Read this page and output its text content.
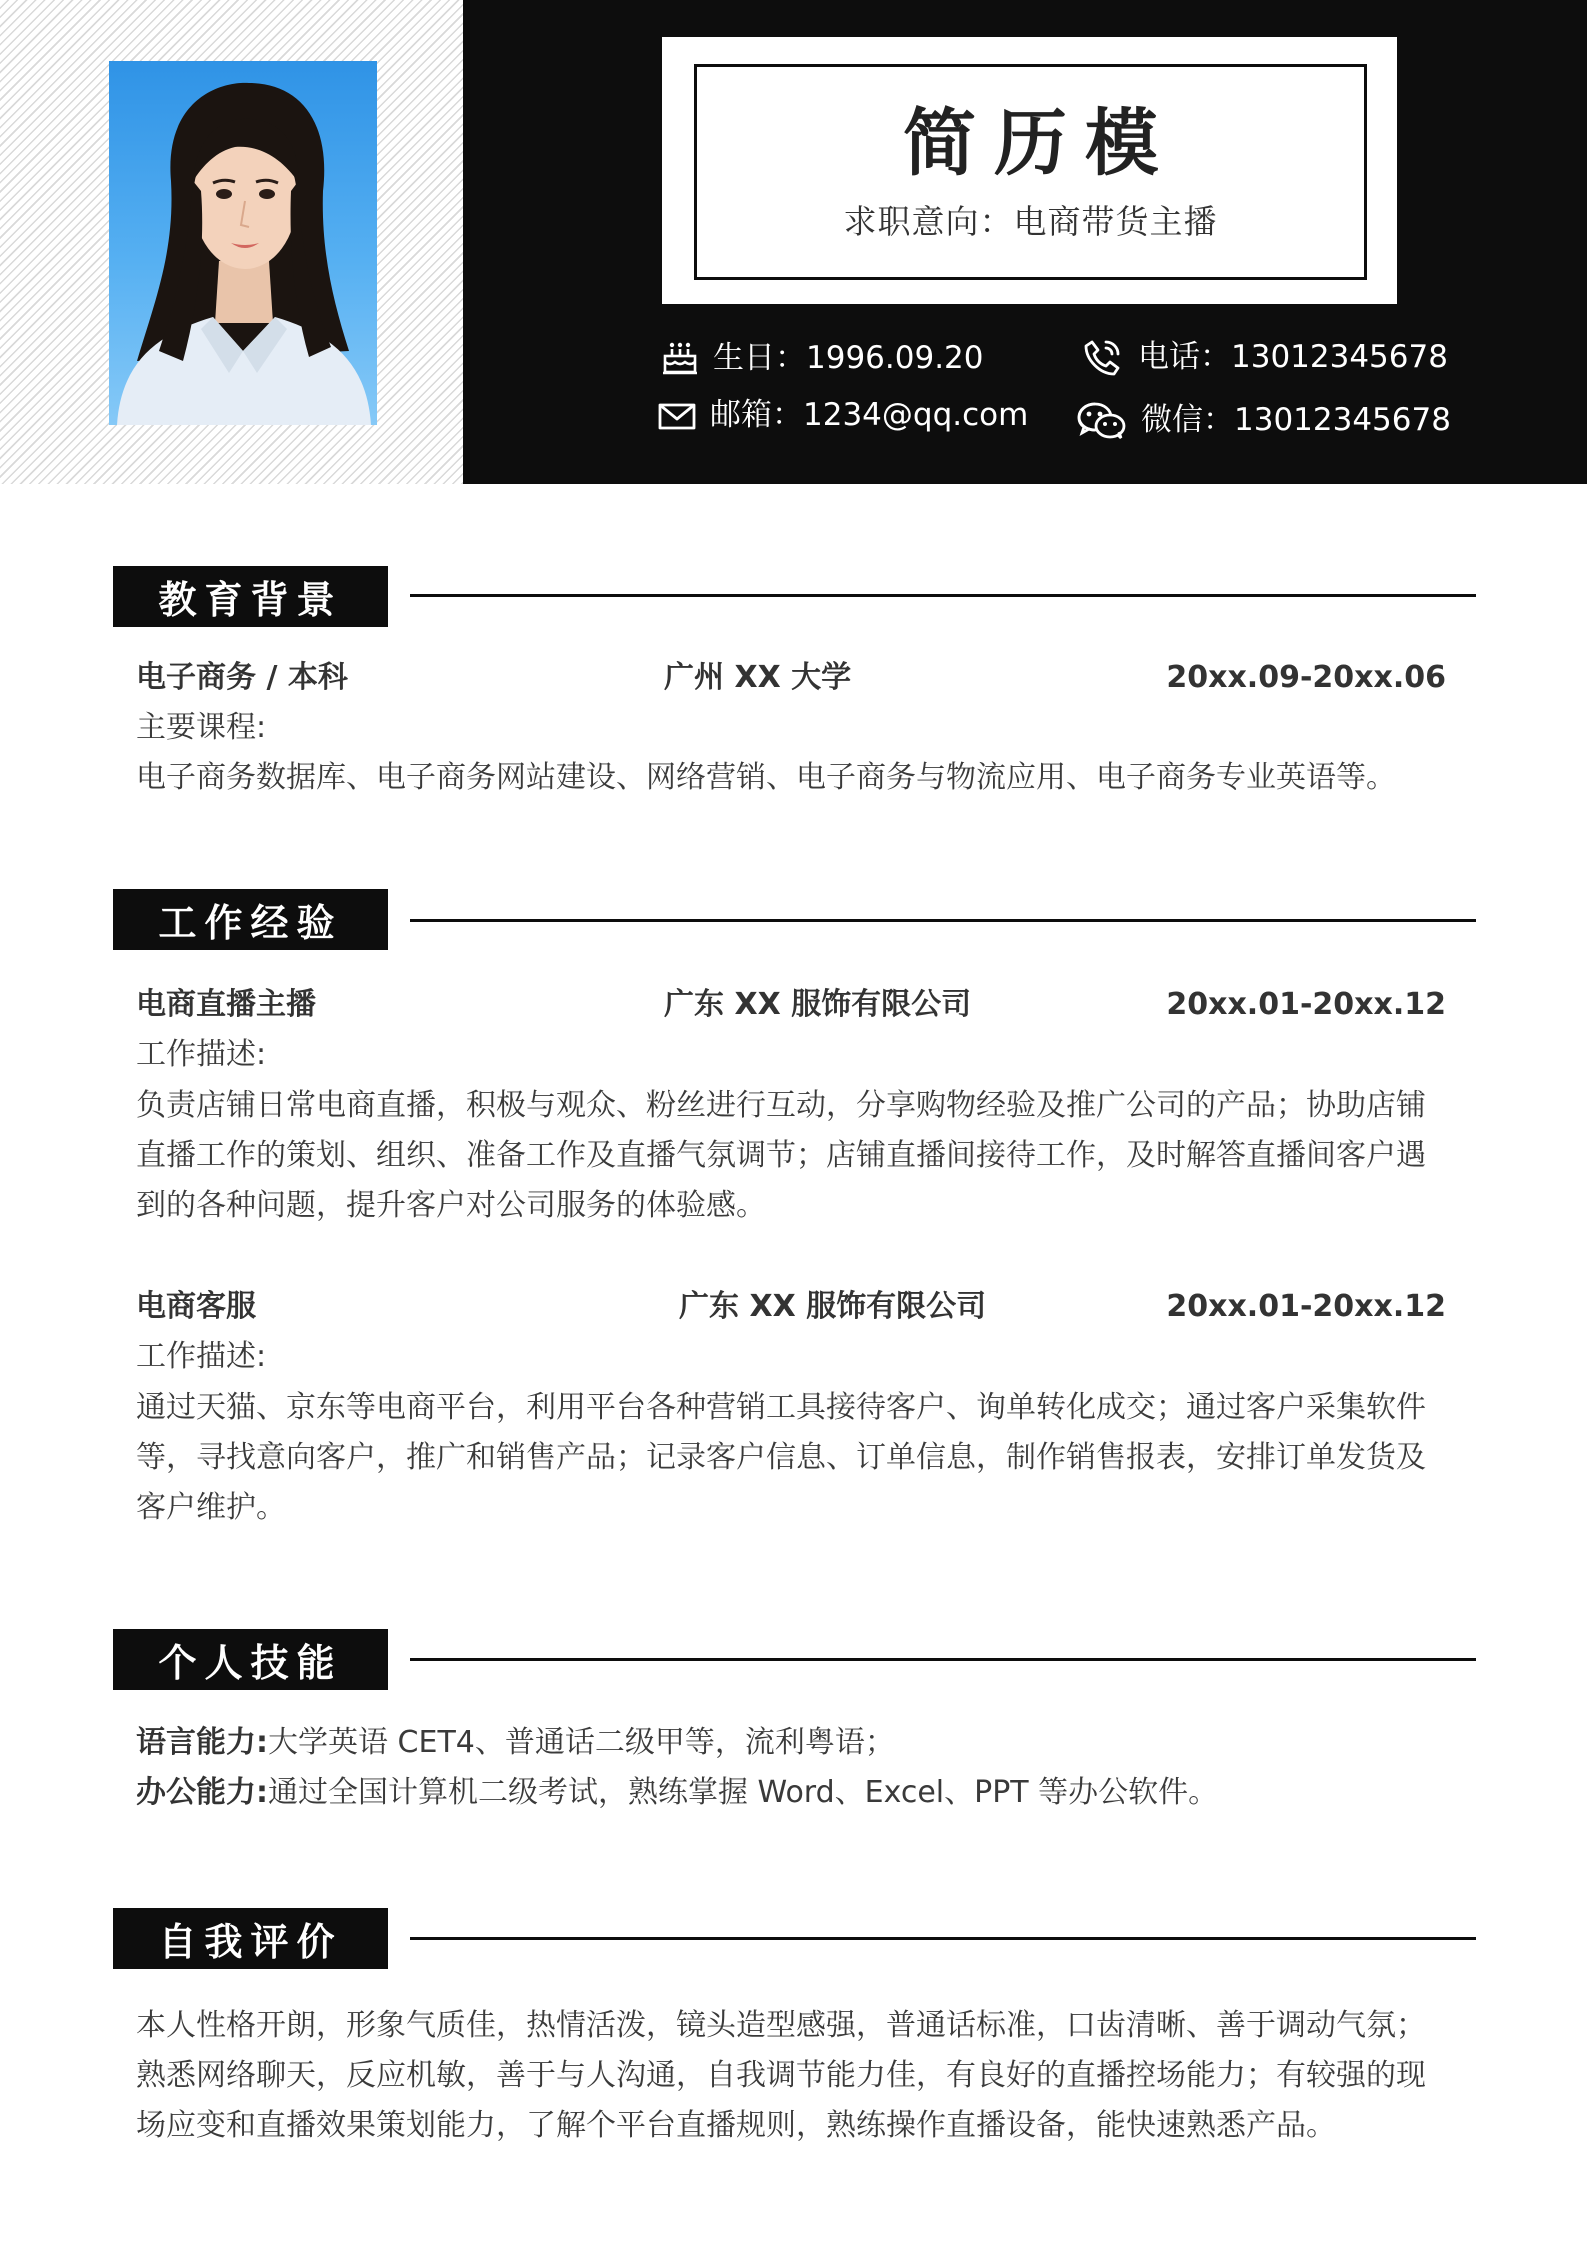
简历模
求职意向：电商带货主播
生日：1996.09.20	电话：13012345678
邮箱：1234@qq.com	微信：13012345678
教育背景
电子商务 / 本科	广州 XX 大学	20xx.09-20xx.06
主要课程:
电子商务数据库、电子商务网站建设、网络营销、电子商务与物流应用、电子商务专业英语等。
工作经验
电商直播主播	广东 XX 服饰有限公司	20xx.01-20xx.12
工作描述:
负责店铺日常电商直播，积极与观众、粉丝进行互动，分享购物经验及推广公司的产品；协助店铺直播工作的策划、组织、准备工作及直播气氛调节；店铺直播间接待工作，及时解答直播间客户遇到的各种问题，提升客户对公司服务的体验感。
电商客服	广东 XX 服饰有限公司	20xx.01-20xx.12
工作描述:
通过天猫、京东等电商平台，利用平台各种营销工具接待客户、询单转化成交；通过客户采集软件等，寻找意向客户，推广和销售产品；记录客户信息、订单信息，制作销售报表，安排订单发货及客户维护。
个人技能
语言能力:大学英语 CET4、普通话二级甲等，流利粤语；
办公能力:通过全国计算机二级考试，熟练掌握 Word、Excel、PPT 等办公软件。
自我评价
本人性格开朗，形象气质佳，热情活泼，镜头造型感强，普通话标准，口齿清晰、善于调动气氛；熟悉网络聊天，反应机敏，善于与人沟通，自我调节能力佳，有良好的直播控场能力；有较强的现场应变和直播效果策划能力，了解个平台直播规则，熟练操作直播设备，能快速熟悉产品。
